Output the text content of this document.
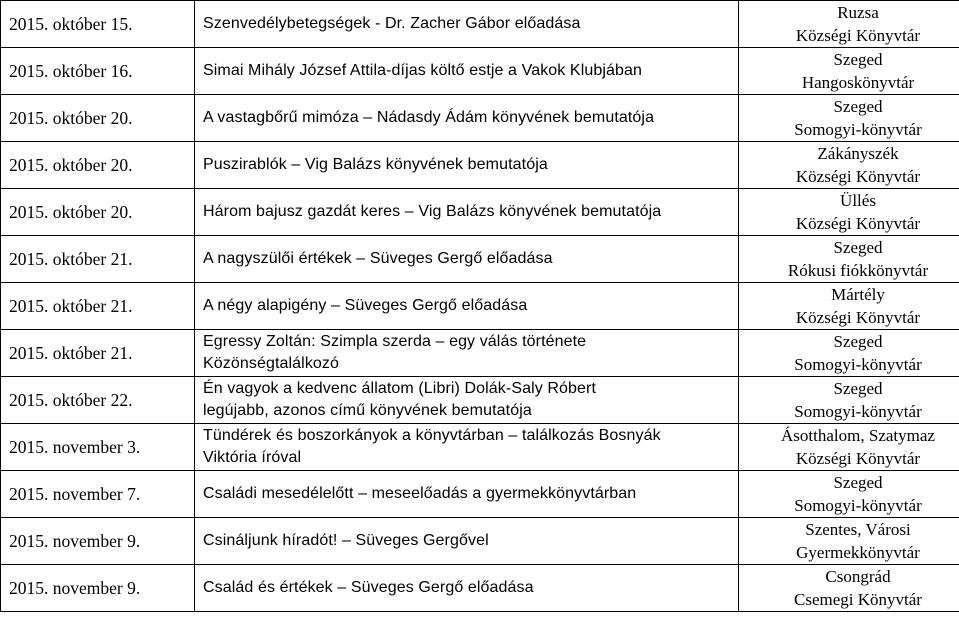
2015. október 15.	Szenvedélybetegségek - Dr. Zacher Gábor előadása	Ruzsa
Községi Könyvtár

2015. október 16.	Simai Mihály József Attila-díjas költő estje a Vakok Klubjában	Szeged
Hangoskönyvtár

2015. október 20.	A vastagbőrű mimóza – Nádasdy Ádám könyvének bemutatója	Szeged
Somogyi-könyvtár

2015. október 20.	Puszirablók – Vig Balázs könyvének bemutatója	Zákányszék
Községi Könyvtár

2015. október 20.	Három bajusz gazdát keres – Vig Balázs könyvének bemutatója	Üllés
Községi Könyvtár

2015. október 21.	A nagyszülői értékek – Süveges Gergő előadása	Szeged
Rókusi fiókkönyvtár

2015. október 21.	A négy alapigény – Süveges Gergő előadása	Mártély
Községi Könyvtár

2015. október 21.	Egressy Zoltán: Szimpla szerda – egy válás története
Közönségtalálkozó	Szeged
Somogyi-könyvtár

2015. október 22.	Én vagyok a kedvenc állatom (Libri) Dolák-Saly Róbert
legújabb, azonos című könyvének bemutatója	Szeged
Somogyi-könyvtár

2015. november 3.	Tündérek és boszorkányok a könyvtárban – találkozás Bosnyák
Viktória íróval	Ásotthalom, Szatymaz
Községi Könyvtár

2015. november 7.	Családi mesedélelőtt – meseelőadás a gyermekkönyvtárban	Szeged
Somogyi-könyvtár

2015. november 9.	Csináljunk híradót! – Süveges Gergővel	Szentes, Városi
Gyermekkönyvtár

2015. november 9.	Család és értékek – Süveges Gergő előadása	Csongrád
Csemegi Könyvtár
